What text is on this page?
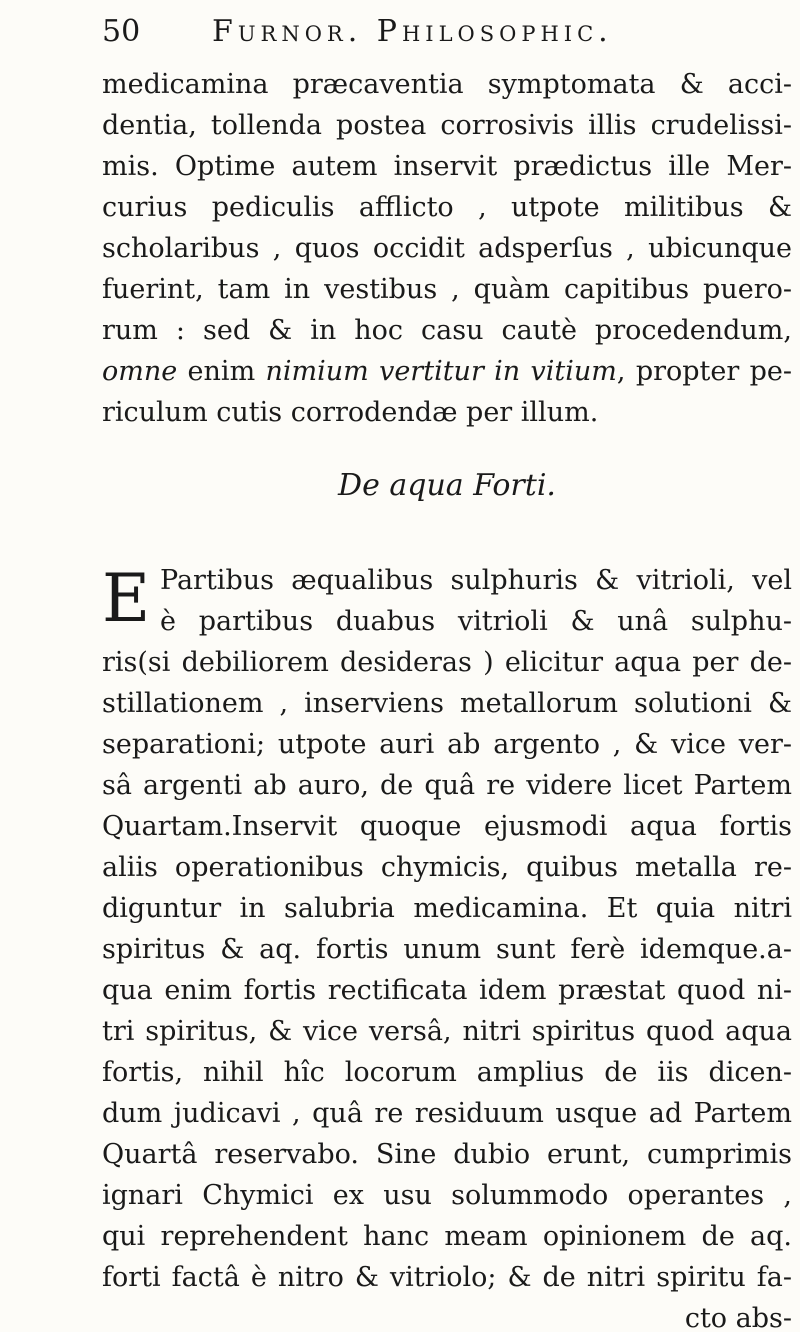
50 Furnor. Philosophic.
medicamina præcaventia symptomata & acci-
dentia, tollenda postea corrosivis illis crudelissi-
mis. Optime autem inservit prædictus ille Mer-
curius pediculis afflicto , utpote militibus &
scholaribus , quos occidit adsperſus , ubicunque
fuerint, tam in vestibus , quàm capitibus puero-
rum : sed & in hoc casu cautè procedendum,
omne enim nimium vertitur in vitium, propter pe-
riculum cutis corrodendæ per illum.
De aqua Forti.
E Partibus æqualibus sulphuris & vitrioli, vel
è partibus duabus vitrioli & unâ sulphu-
ris(si debiliorem desideras ) elicitur aqua per de-
stillationem , inserviens metallorum solutioni &
separationi; utpote auri ab argento , & vice ver-
sâ argenti ab auro, de quâ re videre licet Partem
Quartam.Inservit quoque ejusmodi aqua fortis
aliis operationibus chymicis, quibus metalla re-
diguntur in salubria medicamina. Et quia nitri
spiritus & aq. fortis unum sunt ferè idemque.a-
qua enim fortis rectificata idem præstat quod ni-
tri spiritus, & vice versâ, nitri spiritus quod aqua
fortis, nihil hîc locorum amplius de iis dicen-
dum judicavi , quâ re residuum usque ad Partem
Quartâ reservabo. Sine dubio erunt, cumprimis
ignari Chymici ex usu solummodo operantes ,
qui reprehendent hanc meam opinionem de aq.
forti factâ è nitro & vitriolo; & de nitri spiritu fa-
cto abs-
